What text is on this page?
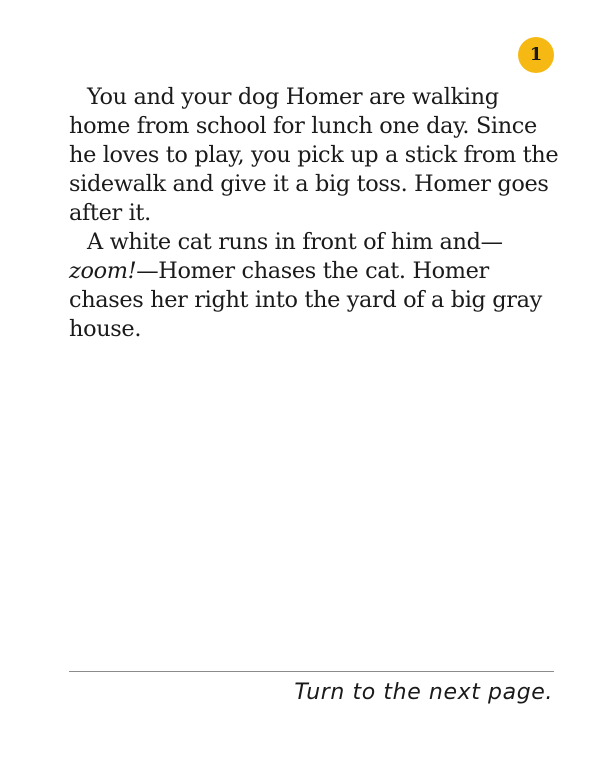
1

You and your dog Homer are walking
home from school for lunch one day. Since
he loves to play, you pick up a stick from the
sidewalk and give it a big toss. Homer goes
after it.

A white cat runs in front of him and—
zoom!—Homer chases the cat. Homer
chases her right into the yard of a big gray
house.

Turn to the next page.
